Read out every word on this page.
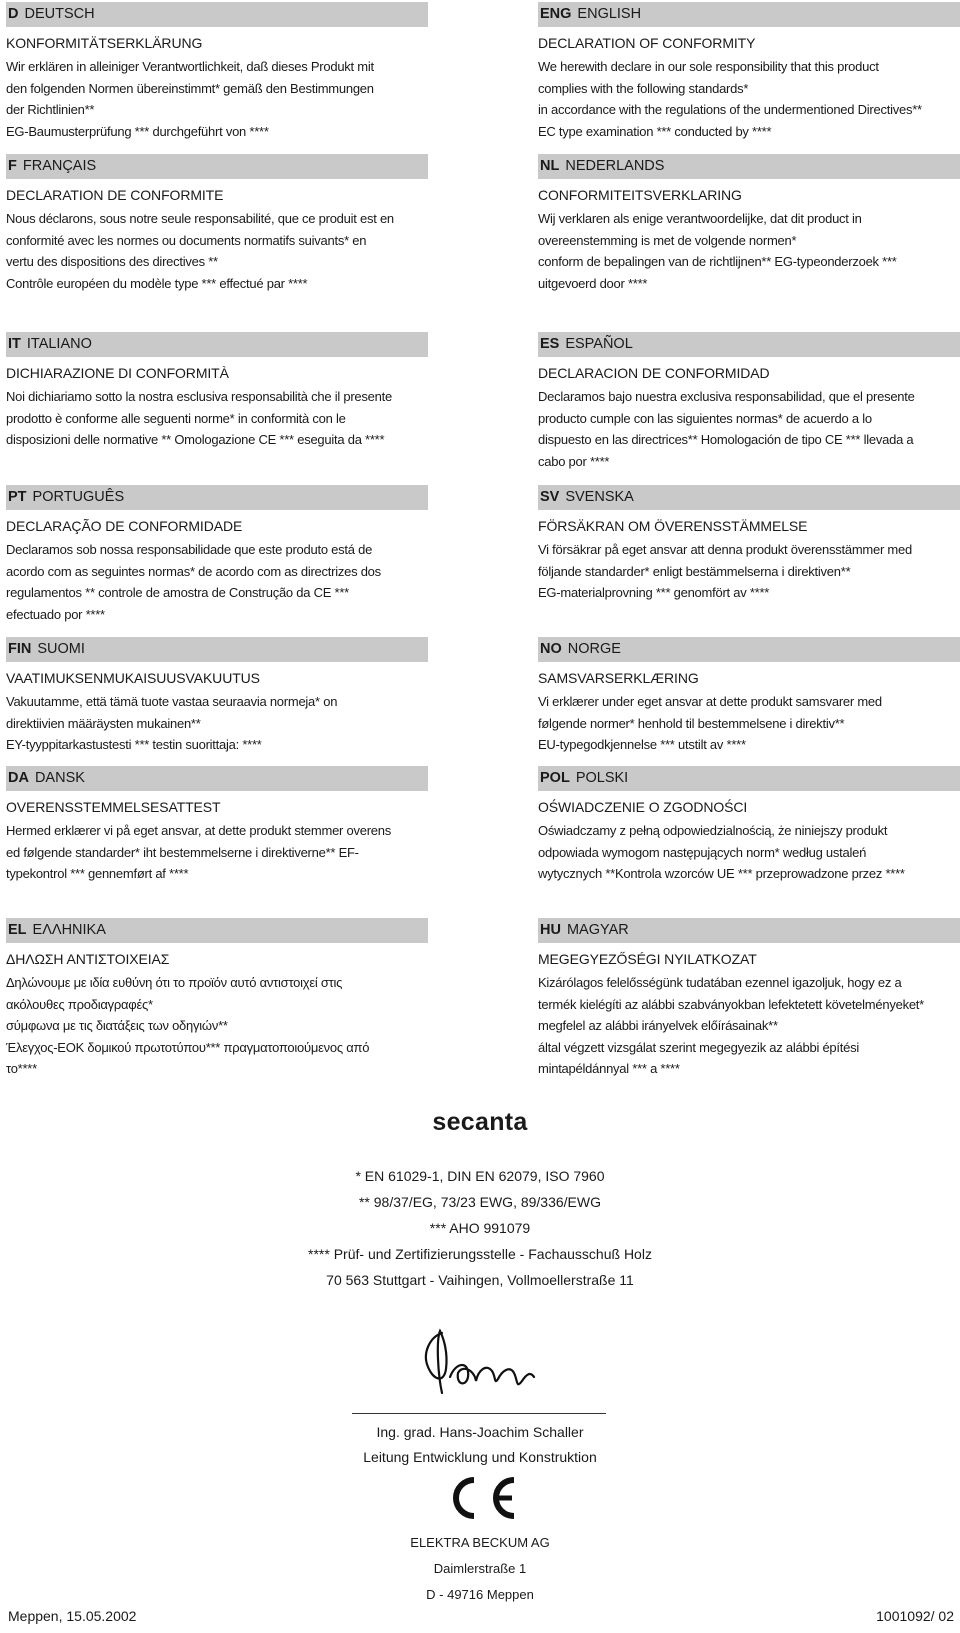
D DEUTSCH
KONFORMITÄTSERKLÄRUNG

Wir erklären in alleiniger Verantwortlichkeit, daß dieses Produkt mit

den folgenden Normen übereinstimmt* gemäß den Bestimmungen

der Richtlinien**

EG-Baumusterprüfung *** durchgeführt von ****

ENG ENGLISH
DECLARATION OF CONFORMITY

We herewith declare in our sole responsibility that this product

complies with the following standards*

in accordance with the regulations of the undermentioned Directives**

EC type examination *** conducted by ****

F FRANÇAIS
DECLARATION DE CONFORMITE

Nous déclarons, sous notre seule responsabilité, que ce produit est en

conformité avec les normes ou documents normatifs suivants* en

vertu des dispositions des directives **

Contrôle européen du modèle type *** effectué par ****

NL NEDERLANDS
CONFORMITEITSVERKLARING

Wij verklaren als enige verantwoordelijke, dat dit product in

overeenstemming is met de volgende normen*

conform de bepalingen van de richtlijnen** EG-typeonderzoek ***

uitgevoerd door ****

IT ITALIANO
DICHIARAZIONE DI CONFORMITÀ

Noi dichiariamo sotto la nostra esclusiva responsabilità che il presente

prodotto è conforme alle seguenti norme* in conformità con le

disposizioni delle normative ** Omologazione CE *** eseguita da ****

ES ESPAÑOL
DECLARACION DE CONFORMIDAD

Declaramos bajo nuestra exclusiva responsabilidad, que el presente

producto cumple con las siguientes normas* de acuerdo a lo

dispuesto en las directrices** Homologación de tipo CE *** llevada a

cabo por ****

PT PORTUGUÊS
DECLARAÇÃO DE CONFORMIDADE

Declaramos sob nossa responsabilidade que este produto está de

acordo com as seguintes normas* de acordo com as directrizes dos

regulamentos ** controle de amostra de Construção da CE ***

efectuado por ****

SV SVENSKA
FÖRSÄKRAN OM ÖVERENSSTÄMMELSE

Vi försäkrar på eget ansvar att denna produkt överensstämmer med

följande standarder* enligt bestämmelserna i direktiven**

EG-materialprovning *** genomfört av ****

FIN SUOMI
VAATIMUKSENMUKAISUUSVAKUUTUS

Vakuutamme, että tämä tuote vastaa seuraavia normeja* on

direktiivien määräysten mukainen**

EY-tyyppitarkastustesti *** testin suorittaja: ****

NO NORGE
SAMSVARSERKLÆRING

Vi erklærer under eget ansvar at dette produkt samsvarer med

følgende normer* henhold til bestemmelsene i direktiv**

EU-typegodkjennelse *** utstilt av ****

DA DANSK
OVERENSSTEMMELSESATTEST

Hermed erklærer vi på eget ansvar, at dette produkt stemmer overens

ed følgende standarder* iht bestemmelserne i direktiverne** EF-

typekontrol *** gennemført af ****

POL POLSKI
OŚWIADCZENIE O ZGODNOŚCI

Oświadczamy z pełną odpowiedzialnością, że niniejszy produkt

odpowiada wymogom następujących norm* według ustaleń

wytycznych **Kontrola wzorców UE *** przeprowadzone przez ****

EL ΕΛΛΗΝΙΚΑ
ΔΗΛΩΣΗ ΑΝΤΙΣΤΟΙΧΕΙΑΣ

Δηλώνουμε με ιδία ευθύνη ότι το προϊόν αυτό αντιστοιχεί στις

ακόλουθες προδιαγραφές*

σύμφωνα με τις διατάξεις των οδηγιών**

Έλεγχος-ΕΟΚ δομικού πρωτοτύπου*** πραγματοποιούμενος από

το****

HU MAGYAR
MEGEGYEZŐSÉGI NYILATKOZAT

Kizárólagos felelősségünk tudatában ezennel igazoljuk, hogy ez a

termék kielégíti az alábbi szabványokban lefektetett követelményeket*

megfelel az alábbi irányelvek előírásainak**

által végzett vizsgálat szerint megegyezik az alábbi építési

mintapéldánnyal *** a ****

secanta
* EN 61029-1, DIN EN 62079, ISO 7960
** 98/37/EG, 73/23 EWG, 89/336/EWG
*** AHO 991079
**** Prüf- und Zertifizierungsstelle - Fachausschuß Holz
70 563 Stuttgart - Vaihingen, Vollmoellerstraße 11
Ing. grad. Hans-Joachim Schaller
Leitung Entwicklung und Konstruktion
ELEKTRA BECKUM AG
Daimlerstraße 1
D - 49716 Meppen
Meppen, 15.05.2002	1001092/ 02
